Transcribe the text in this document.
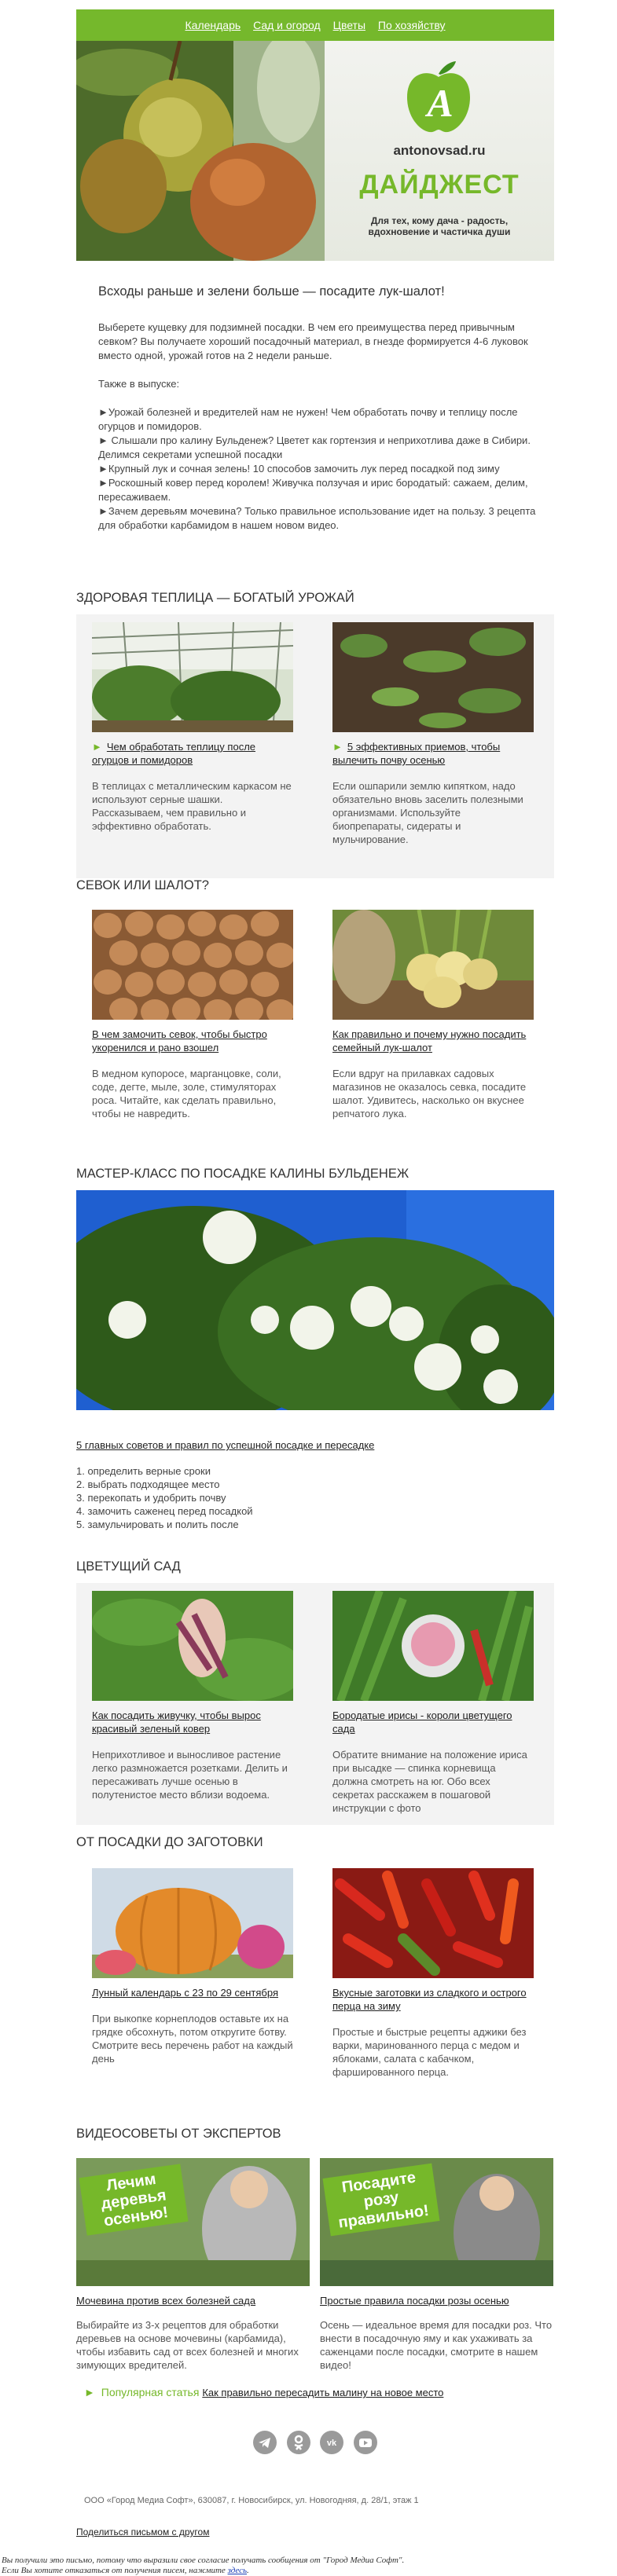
Календарь Сад и огород Цветы По хозяйству
A
antonovsad.ru
ДАЙДЖЕСТ
Для тех, кому дача - радость, вдохновение и частичка души
Всходы раньше и зелени больше — посадите лук-шалот!

Выберете кущевку для подзимней посадки. В чем его преимущества перед привычным севком? Вы получаете хороший посадочный материал, в гнезде формируется 4-6 луковок вместо одной, урожай готов на 2 недели раньше.

Также в выпуске:

►Урожай болезней и вредителей нам не нужен! Чем обработать почву и теплицу после огурцов и помидоров.

► Слышали про калину Бульденеж? Цветет как гортензия и неприхотлива даже в Сибири. Делимся секретами успешной посадки

►Крупный лук и сочная зелень! 10 способов замочить лук перед посадкой под зиму

►Роскошный ковер перед королем! Живучка ползучая и ирис бородатый: сажаем, делим, пересаживаем.

►Зачем деревьям мочевина? Только правильное использование идет на пользу. 3 рецепта для обработки карбамидом в нашем новом видео.

ЗДОРОВАЯ ТЕПЛИЦА — БОГАТЫЙ УРОЖАЙ
► Чем обработать теплицу после огурцов и помидоров
В теплицах с металлическим каркасом не используют серные шашки. Рассказываем, чем правильно и эффективно обработать.
► 5 эффективных приемов, чтобы вылечить почву осенью
Если ошпарили землю кипятком, надо обязательно вновь заселить полезными организмами. Используйте биопрепараты, сидераты и мульчирование.
СЕВОК ИЛИ ШАЛОТ?
В чем замочить севок, чтобы быстро укоренился и рано взошел
В медном купоросе, марганцовке, соли, соде, дегте, мыле, золе, стимуляторах роса. Читайте, как сделать правильно, чтобы не навредить.
Как правильно и почему нужно посадить семейный лук-шалот
Если вдруг на прилавках садовых магазинов не оказалось севка, посадите шалот. Удивитесь, насколько он вкуснее репчатого лука.
МАСТЕР-КЛАСС ПО ПОСАДКЕ КАЛИНЫ БУЛЬДЕНЕЖ
5 главных советов и правил по успешной посадке и пересадке
1. определить верные сроки
2. выбрать подходящее место
3. перекопать и удобрить почву
4. замочить саженец перед посадкой
5. замульчировать и полить после
ЦВЕТУЩИЙ САД
Как посадить живучку, чтобы вырос красивый зеленый ковер
Неприхотливое и выносливое растение легко размножается розетками. Делить и пересаживать лучше осенью в полутенистое место вблизи водоема.
Бородатые ирисы - короли цветущего сада
Обратите внимание на положение ириса при высадке — спинка корневища должна смотреть на юг. Обо всех секретах расскажем в пошаговой инструкции с фото
ОТ ПОСАДКИ ДО ЗАГОТОВКИ
Лунный календарь с 23 по 29 сентября
При выкопке корнеплодов оставьте их на грядке обсохнуть, потом откругите ботву. Смотрите весь перечень работ на каждый день
Вкусные заготовки из сладкого и острого перца на зиму
Простые и быстрые рецепты аджики без варки, маринованного перца с медом и яблоками, салата с кабачком, фаршированного перца.
ВИДЕОСОВЕТЫ ОТ ЭКСПЕРТОВ
Лечим деревья осенью!
Мочевина против всех болезней сада
Выбирайте из 3-х рецептов для обработки деревьев на основе мочевины (карбамида), чтобы избавить сад от всех болезней и многих зимующих вредителей.
Посадите розу правильно!
Простые правила посадки розы осенью
Осень — идеальное время для посадки роз. Что внести в посадочную яму и как ухаживать за саженцами после посадки, смотрите в нашем видео!
► Популярная статья Как правильно пересадить малину на новое место

vk

ООО «Город Медиа Софт», 630087, г. Новосибирск, ул. Новогодняя, д. 28/1, этаж 1
Поделиться письмом с другом
Вы получили это письмо, потому что выразили свое согласие получать сообщения от "Город Медиа Софт".
Если Вы хотите отказаться от получения писем, нажмите здесь.
